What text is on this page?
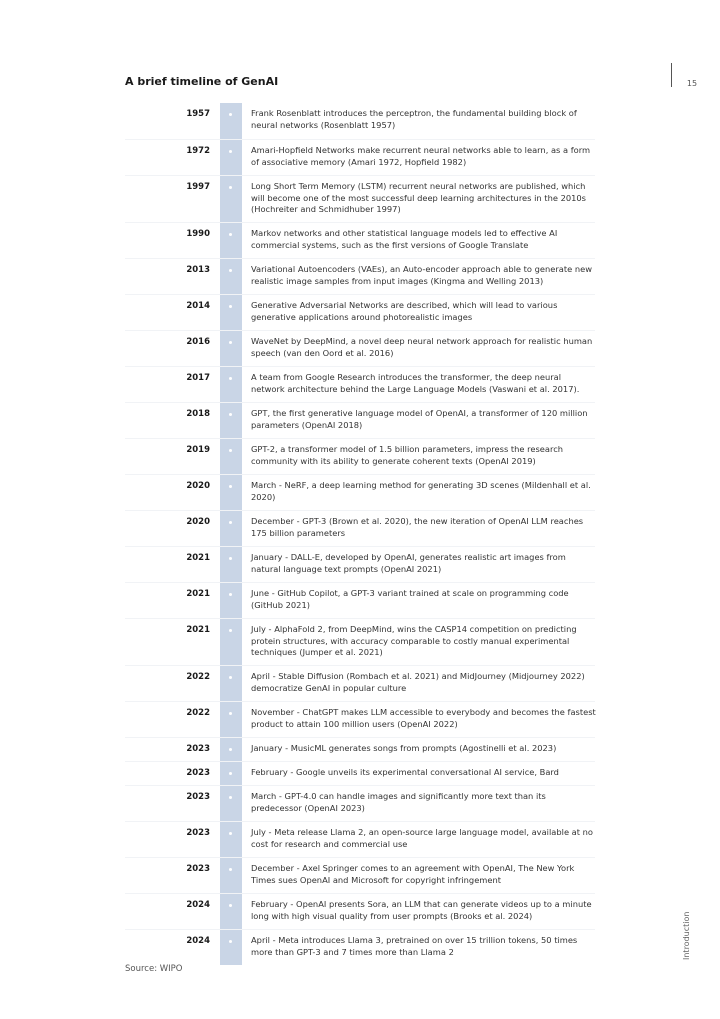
A brief timeline of GenAI	15
1957	Frank Rosenblatt introduces the perceptron, the fundamental building block of neural networks (Rosenblatt 1957)
1972	Amari-Hopfield Networks make recurrent neural networks able to learn, as a form of associative memory (Amari 1972, Hopfield 1982)
1997	Long Short Term Memory (LSTM) recurrent neural networks are published, which will become one of the most successful deep learning architectures in the 2010s (Hochreiter and Schmidhuber 1997)
1990	Markov networks and other statistical language models led to effective AI commercial systems, such as the first versions of Google Translate
2013	Variational Autoencoders (VAEs), an Auto-encoder approach able to generate new realistic image samples from input images (Kingma and Welling 2013)
2014	Generative Adversarial Networks are described, which will lead to various generative applications around photorealistic images
2016	WaveNet by DeepMind, a novel deep neural network approach for realistic human speech (van den Oord et al. 2016)
2017	A team from Google Research introduces the transformer, the deep neural network architecture behind the Large Language Models (Vaswani et al. 2017).
2018	GPT, the first generative language model of OpenAI, a transformer of 120 million parameters (OpenAI 2018)
2019	GPT-2, a transformer model of 1.5 billion parameters, impress the research community with its ability to generate coherent texts (OpenAI 2019)
2020	March - NeRF, a deep learning method for generating 3D scenes (Mildenhall et al. 2020)
2020	December - GPT-3 (Brown et al. 2020), the new iteration of OpenAI LLM reaches 175 billion parameters
2021	January - DALL-E, developed by OpenAI, generates realistic art images from natural language text prompts (OpenAI 2021)
2021	June - GitHub Copilot, a GPT-3 variant trained at scale on programming code (GitHub 2021)
2021	July - AlphaFold 2, from DeepMind, wins the CASP14 competition on predicting protein structures, with accuracy comparable to costly manual experimental techniques (Jumper et al. 2021)
2022	April - Stable Diffusion (Rombach et al. 2021) and MidJourney (Midjourney 2022) democratize GenAI in popular culture
2022	November - ChatGPT makes LLM accessible to everybody and becomes the fastest product to attain 100 million users (OpenAI 2022)
2023	January - MusicML generates songs from prompts (Agostinelli et al. 2023)
2023	February - Google unveils its experimental conversational AI service, Bard
2023	March - GPT-4.0 can handle images and significantly more text than its predecessor (OpenAI 2023)
2023	July - Meta release Llama 2, an open-source large language model, available at no cost for research and commercial use
2023	December - Axel Springer comes to an agreement with OpenAI, The New York Times sues OpenAI and Microsoft for copyright infringement
2024	February - OpenAI presents Sora, an LLM that can generate videos up to a minute long with high visual quality from user prompts (Brooks et al. 2024)
2024	April - Meta introduces Llama 3, pretrained on over 15 trillion tokens, 50 times more than GPT-3 and 7 times more than Llama 2
Source: WIPO
Introduction
